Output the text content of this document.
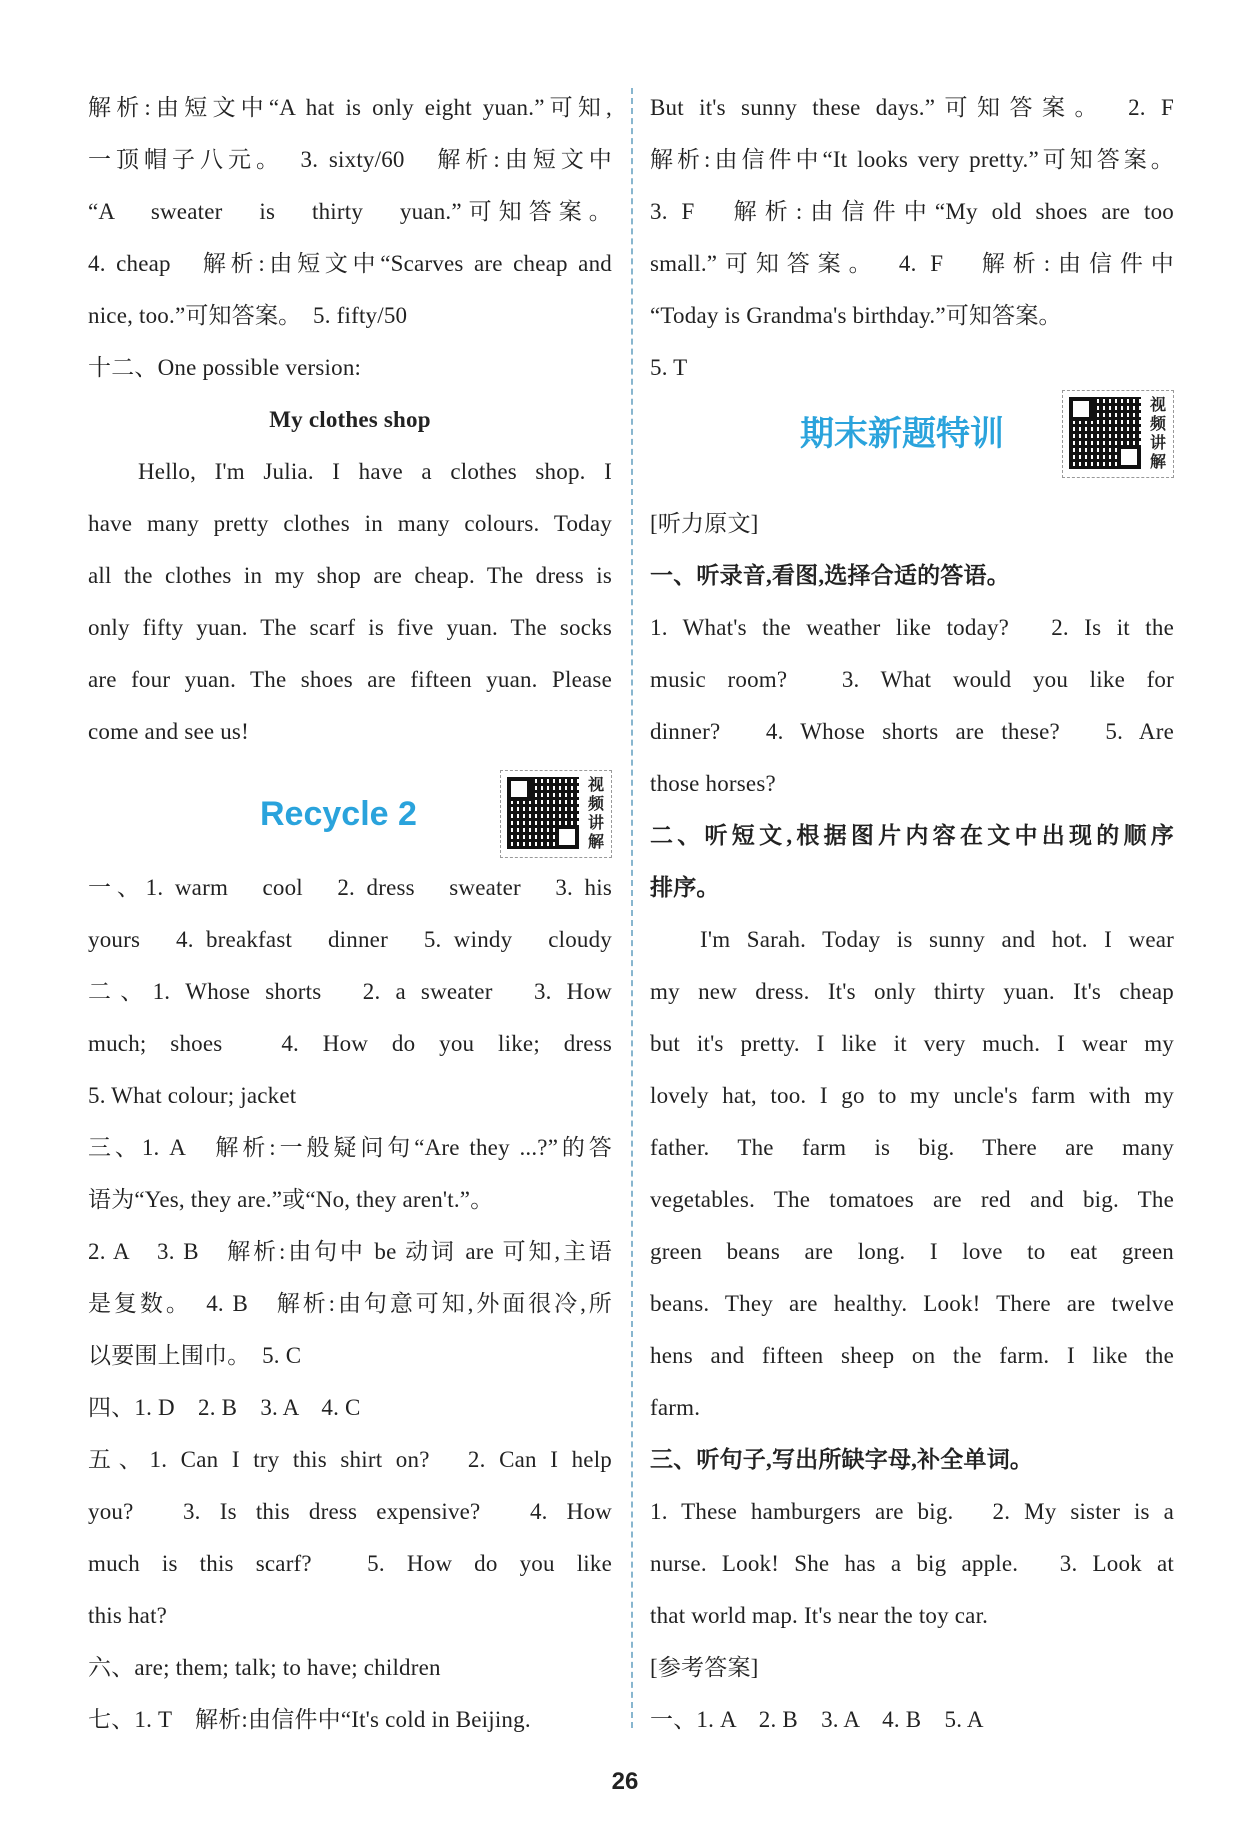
解析:由短文中“A hat is only eight yuan.”可知,
一顶帽子八元。　3. sixty/60　解析:由短文中
“A　sweater　is　thirty　yuan.”可知答案。
4. cheap　解析:由短文中“Scarves are cheap and
nice, too.”可知答案。　5. fifty/50
十二、One possible version:
My clothes shop
Hello, I'm Julia. I have a clothes shop. I
have many pretty clothes in many colours. Today
all the clothes in my shop are cheap. The dress is
only fifty yuan. The scarf is five yuan. The socks
are four yuan. The shoes are fifteen yuan. Please
come and see us!
Recycle 2
视频讲解
一、1. warm　cool　2. dress　sweater　3. his
yours　4. breakfast　dinner　5. windy　cloudy
二、1. Whose shorts　2. a sweater　3. How
much; shoes　4. How do you like; dress
5. What colour; jacket
三、1. A　解析:一般疑问句“Are they ...?”的答
语为“Yes, they are.”或“No, they aren't.”。
2. A　3. B　解析:由句中 be 动词 are 可知,主语
是复数。　4. B　解析:由句意可知,外面很冷,所
以要围上围巾。　5. C
四、1. D　2. B　3. A　4. C
五、1. Can I try this shirt on?　2. Can I help
you?　3. Is this dress expensive?　4. How
much is this scarf?　5. How do you like
this hat?
六、are; them; talk; to have; children
七、1. T　解析:由信件中“It's cold in Beijing.
But it's sunny these days.”可知答案。　2. F
解析:由信件中“It looks very pretty.”可知答案。
3. F　解析:由信件中“My old shoes are too
small.”可知答案。　4. F　解析:由信件中
“Today is Grandma's birthday.”可知答案。
5. T
期末新题特训
视频讲解
[听力原文]
一、听录音,看图,选择合适的答语。
1. What's the weather like today?　2. Is it the
music room?　3. What would you like for
dinner?　4. Whose shorts are these?　5. Are
those horses?
二、听短文,根据图片内容在文中出现的顺序
排序。
I'm Sarah. Today is sunny and hot. I wear
my new dress. It's only thirty yuan. It's cheap
but it's pretty. I like it very much. I wear my
lovely hat, too. I go to my uncle's farm with my
father. The farm is big. There are many
vegetables. The tomatoes are red and big. The
green beans are long. I love to eat green
beans. They are healthy. Look! There are twelve
hens and fifteen sheep on the farm. I like the
farm.
三、听句子,写出所缺字母,补全单词。
1. These hamburgers are big.　2. My sister is a
nurse. Look! She has a big apple.　3. Look at
that world map. It's near the toy car.
[参考答案]
一、1. A　2. B　3. A　4. B　5. A
26
